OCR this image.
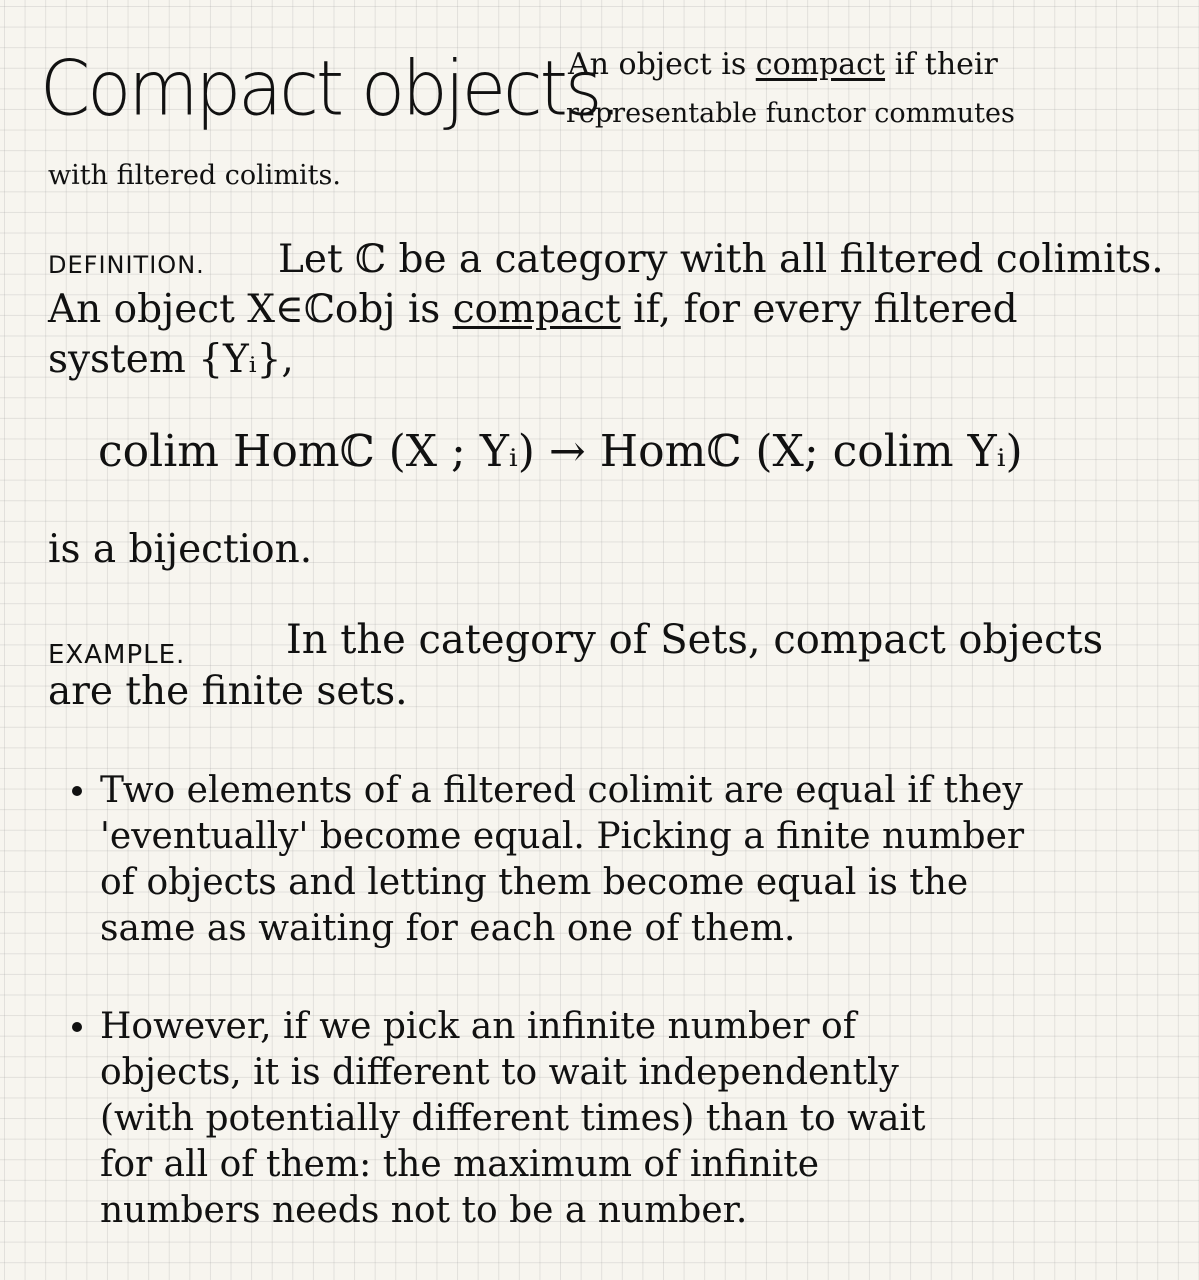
Compact objects.
with filtered colimits.
An object is compact if their
representable functor commutes
DEFINITION. Let ℂ be a category with all filtered colimits.
An object X∈ℂobj is compact if, for every filtered
system {Yᵢ},
colim Homℂ (X ; Yᵢ) → Homℂ (X; colim Yᵢ)
is a bijection.
EXAMPLE.	In the category of Sets, compact objects
are the finite sets.
Two elements of a filtered colimit are equal if they
'eventually' become equal. Picking a finite number
of objects and letting them become equal is the
same as waiting for each one of them.
However, if we pick an infinite number of
objects, it is different to wait independently
(with potentially different times) than to wait
for all of them: the maximum of infinite
numbers needs not to be a number.
